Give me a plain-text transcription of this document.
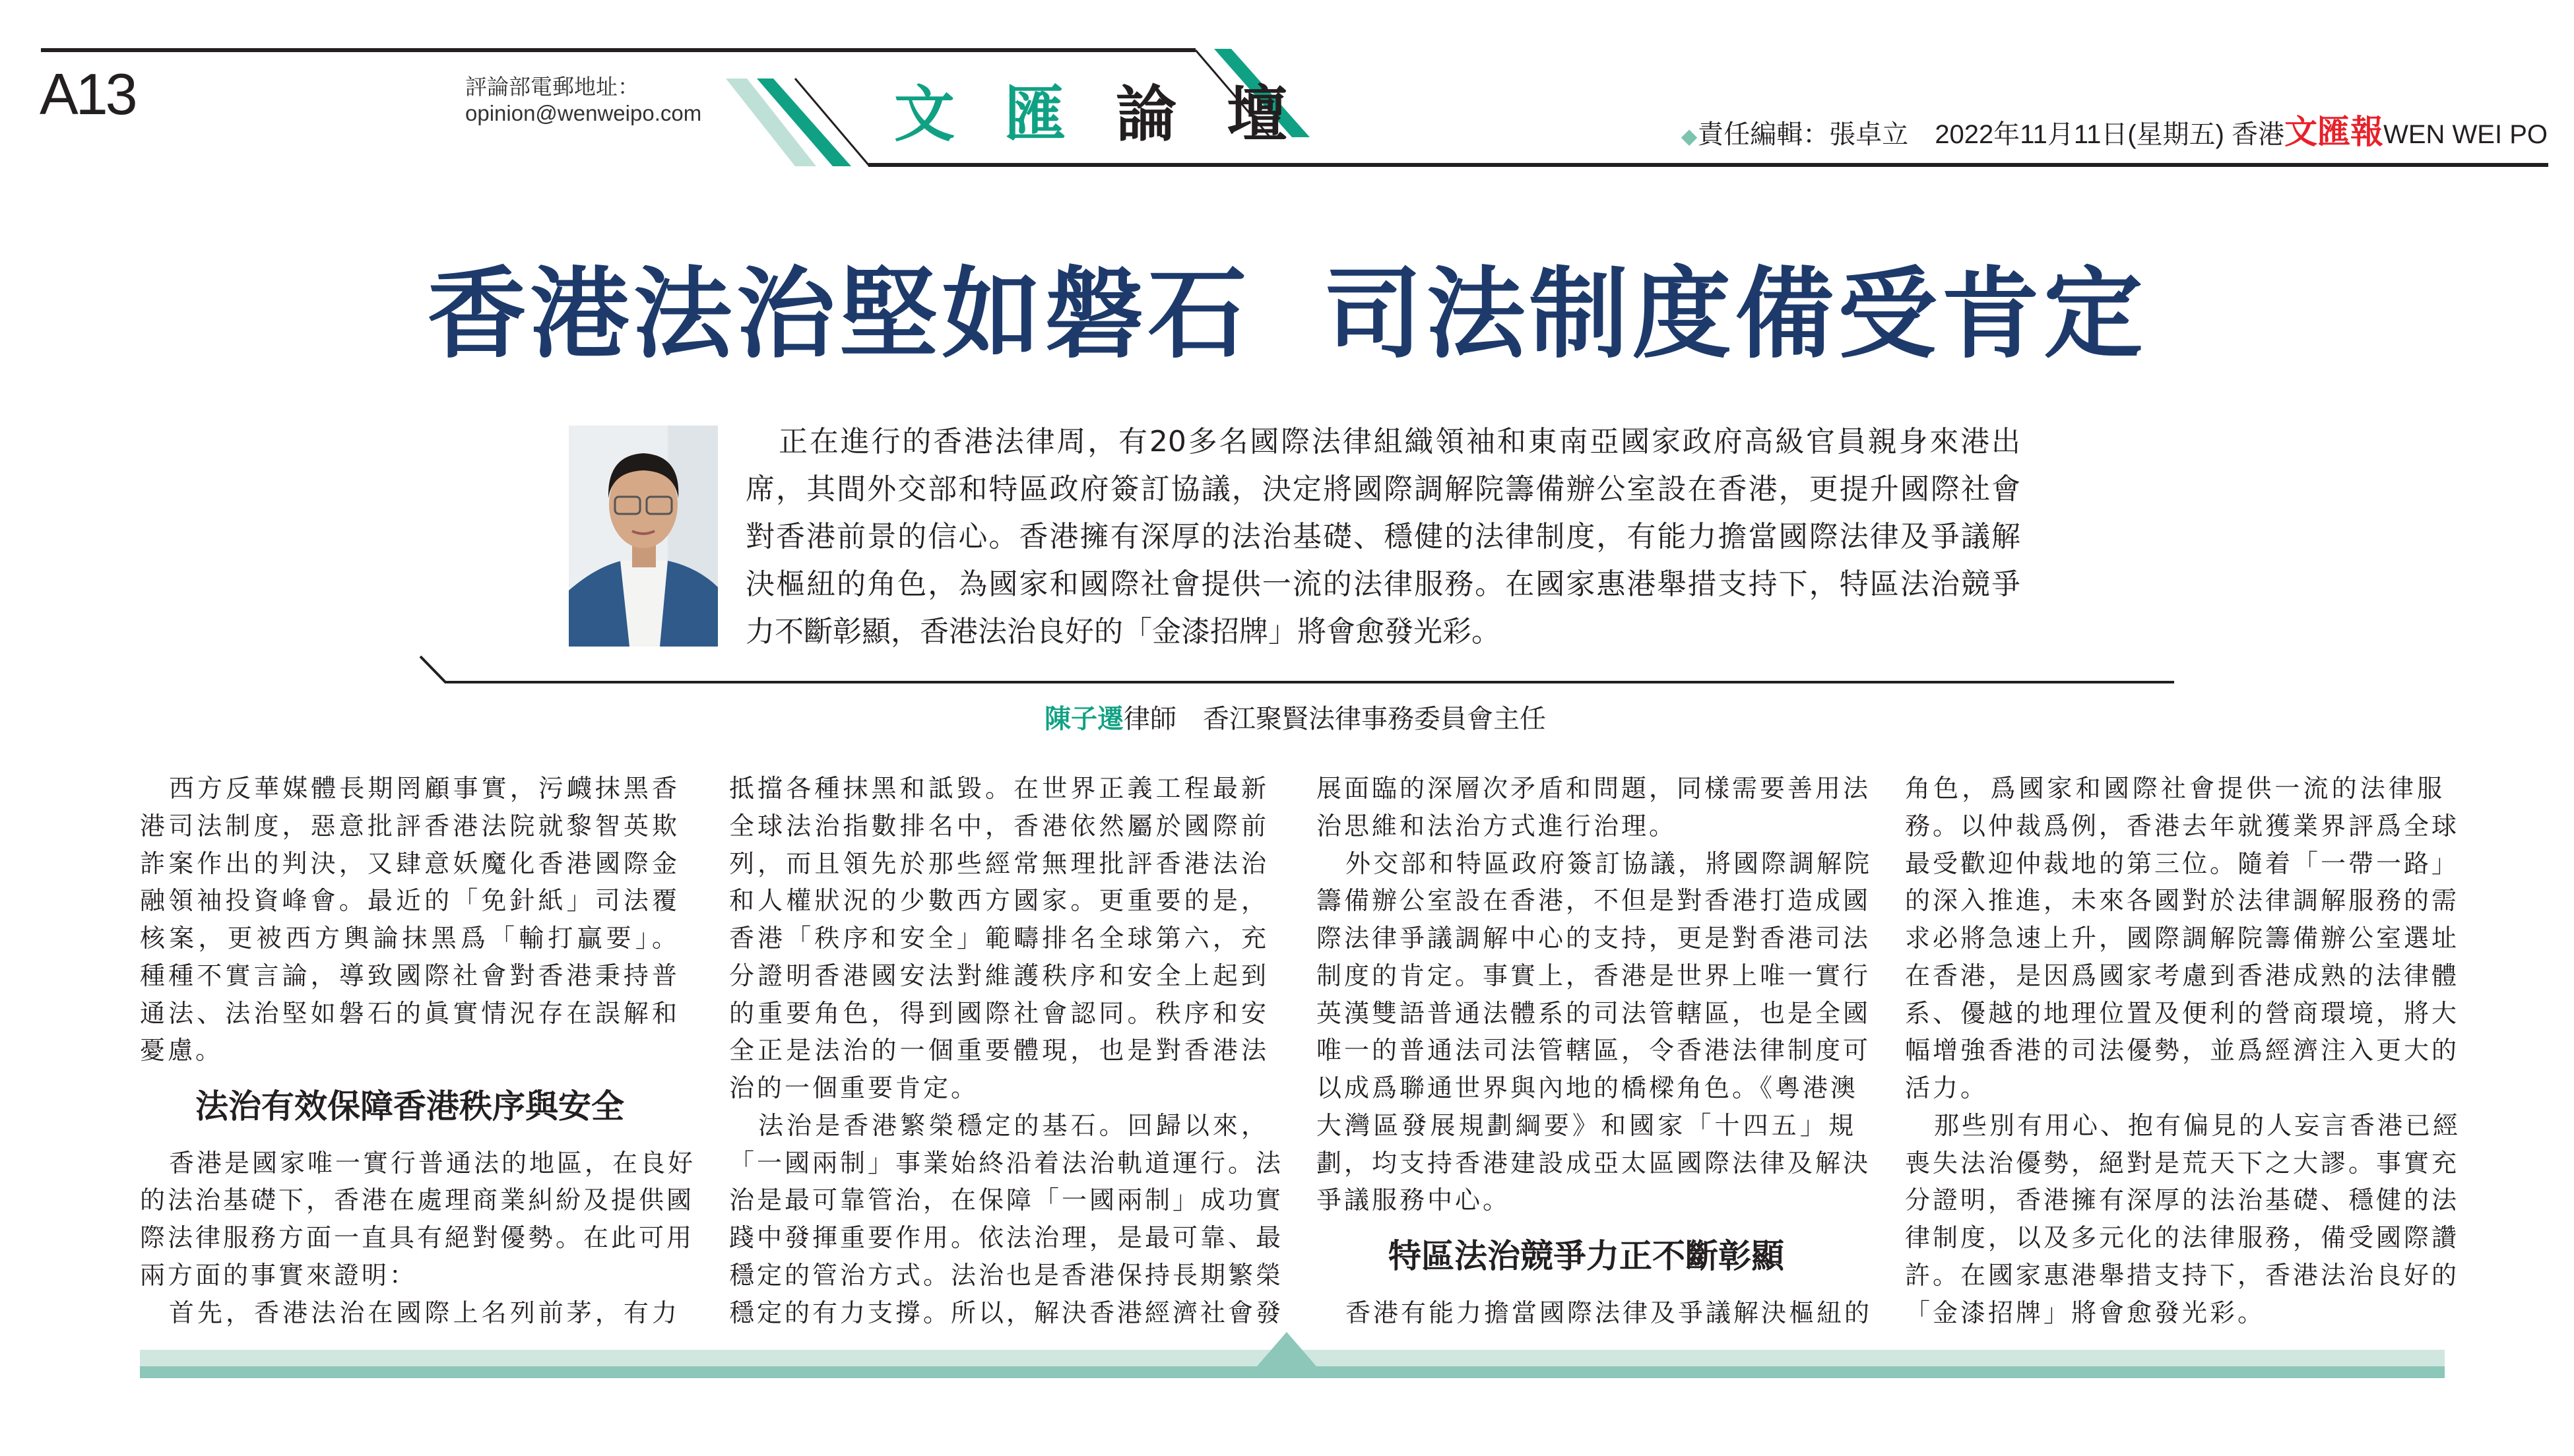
A13	評論部電郵地址：
opinion@wenweipo.com	文 匯 論 壇	◆責任編輯：張卓立 2022年11月11日(星期五) 香港文匯報WEN WEI PO
香港法治堅如磐石 司法制度備受肯定
正在進行的香港法律周，有20多名國際法律組織領袖和東南亞國家政府高級官員親身來港出
席，其間外交部和特區政府簽訂協議，決定將國際調解院籌備辦公室設在香港，更提升國際社會
對香港前景的信心。香港擁有深厚的法治基礎、穩健的法律制度，有能力擔當國際法律及爭議解
決樞紐的角色，為國家和國際社會提供一流的法律服務。在國家惠港舉措支持下，特區法治競爭
力不斷彰顯，香港法治良好的「金漆招牌」將會愈發光彩。
陳子遷律師　香江聚賢法律事務委員會主任
西方反華媒體長期罔顧事實，污衊抹黑香
港司法制度，惡意批評香港法院就黎智英欺
詐案作出的判決，又肆意妖魔化香港國際金
融領袖投資峰會。最近的「免針紙」司法覆
核案，更被西方輿論抹黑爲「輸打贏要」。
種種不實言論，導致國際社會對香港秉持普
通法、法治堅如磐石的眞實情況存在誤解和
憂慮。
法治有效保障香港秩序與安全
香港是國家唯一實行普通法的地區，在良好
的法治基礎下，香港在處理商業糾紛及提供國
際法律服務方面一直具有絕對優勢。在此可用
兩方面的事實來證明：
首先，香港法治在國際上名列前茅，有力
抵擋各種抹黑和詆毀。在世界正義工程最新
全球法治指數排名中，香港依然屬於國際前
列，而且領先於那些經常無理批評香港法治
和人權狀況的少數西方國家。更重要的是，
香港「秩序和安全」範疇排名全球第六，充
分證明香港國安法對維護秩序和安全上起到
的重要角色，得到國際社會認同。秩序和安
全正是法治的一個重要體現，也是對香港法
治的一個重要肯定。
法治是香港繁榮穩定的基石。回歸以來，
「一國兩制」事業始終沿着法治軌道運行。法
治是最可靠管治，在保障「一國兩制」成功實
踐中發揮重要作用。依法治理，是最可靠、最
穩定的管治方式。法治也是香港保持長期繁榮
穩定的有力支撐。所以，解決香港經濟社會發
展面臨的深層次矛盾和問題，同樣需要善用法
治思維和法治方式進行治理。
外交部和特區政府簽訂協議，將國際調解院
籌備辦公室設在香港，不但是對香港打造成國
際法律爭議調解中心的支持，更是對香港司法
制度的肯定。事實上，香港是世界上唯一實行
英漢雙語普通法體系的司法管轄區，也是全國
唯一的普通法司法管轄區，令香港法律制度可
以成爲聯通世界與內地的橋樑角色。《粵港澳
大灣區發展規劃綱要》和國家「十四五」規
劃，均支持香港建設成亞太區國際法律及解決
爭議服務中心。
特區法治競爭力正不斷彰顯
香港有能力擔當國際法律及爭議解決樞紐的
角色，爲國家和國際社會提供一流的法律服
務。以仲裁爲例，香港去年就獲業界評爲全球
最受歡迎仲裁地的第三位。隨着「一帶一路」
的深入推進，未來各國對於法律調解服務的需
求必將急速上升，國際調解院籌備辦公室選址
在香港，是因爲國家考慮到香港成熟的法律體
系、優越的地理位置及便利的營商環境，將大
幅增強香港的司法優勢，並爲經濟注入更大的
活力。
那些別有用心、抱有偏見的人妄言香港已經
喪失法治優勢，絕對是荒天下之大謬。事實充
分證明，香港擁有深厚的法治基礎、穩健的法
律制度，以及多元化的法律服務，備受國際讚
許。在國家惠港舉措支持下，香港法治良好的
「金漆招牌」將會愈發光彩。
